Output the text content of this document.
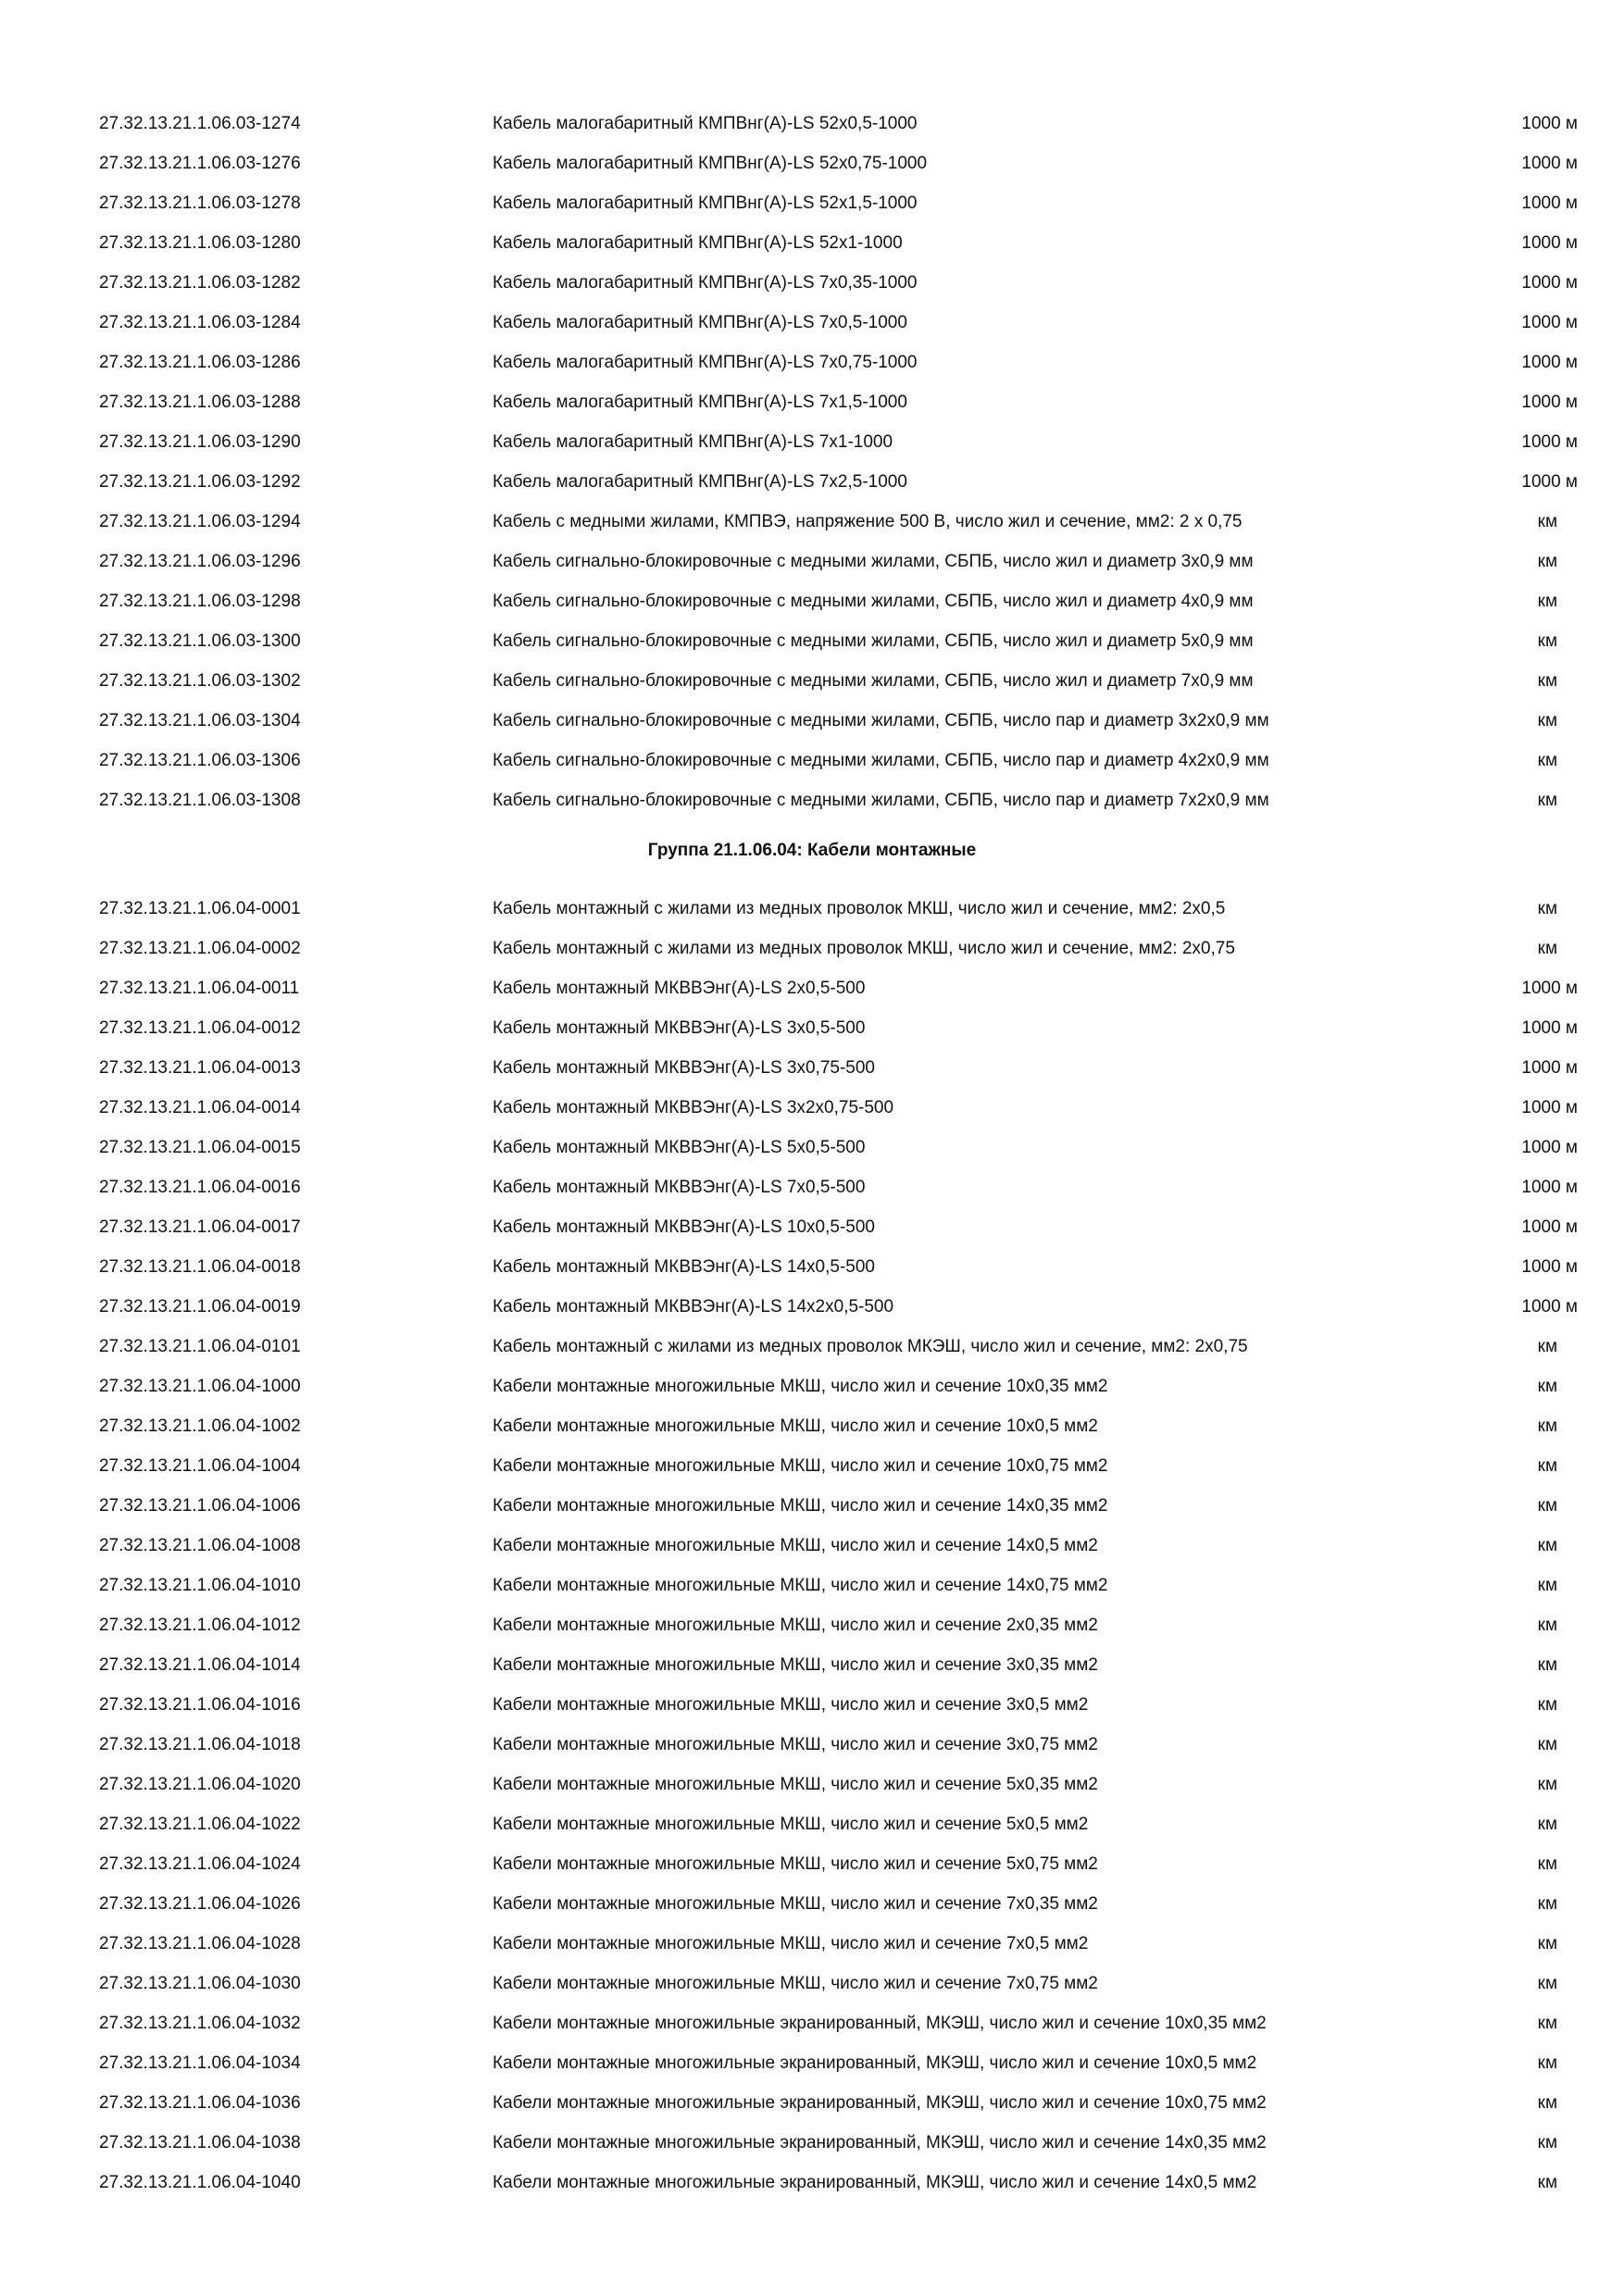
27.32.13.21.1.06.03-1274	Кабель малогабаритный КМПВнг(А)-LS 52х0,5-1000	1000 м
27.32.13.21.1.06.03-1276	Кабель малогабаритный КМПВнг(А)-LS 52х0,75-1000	1000 м
27.32.13.21.1.06.03-1278	Кабель малогабаритный КМПВнг(А)-LS 52х1,5-1000	1000 м
27.32.13.21.1.06.03-1280	Кабель малогабаритный КМПВнг(А)-LS 52х1-1000	1000 м
27.32.13.21.1.06.03-1282	Кабель малогабаритный КМПВнг(А)-LS 7х0,35-1000	1000 м
27.32.13.21.1.06.03-1284	Кабель малогабаритный КМПВнг(А)-LS 7х0,5-1000	1000 м
27.32.13.21.1.06.03-1286	Кабель малогабаритный КМПВнг(А)-LS 7х0,75-1000	1000 м
27.32.13.21.1.06.03-1288	Кабель малогабаритный КМПВнг(А)-LS 7х1,5-1000	1000 м
27.32.13.21.1.06.03-1290	Кабель малогабаритный КМПВнг(А)-LS 7х1-1000	1000 м
27.32.13.21.1.06.03-1292	Кабель малогабаритный КМПВнг(А)-LS 7х2,5-1000	1000 м
27.32.13.21.1.06.03-1294	Кабель с медными жилами, КМПВЭ, напряжение 500 В, число жил и сечение, мм2: 2 х 0,75	км
27.32.13.21.1.06.03-1296	Кабель сигнально-блокировочные с медными жилами, СБПБ, число жил и диаметр 3х0,9 мм	км
27.32.13.21.1.06.03-1298	Кабель сигнально-блокировочные с медными жилами, СБПБ, число жил и диаметр 4х0,9 мм	км
27.32.13.21.1.06.03-1300	Кабель сигнально-блокировочные с медными жилами, СБПБ, число жил и диаметр 5х0,9 мм	км
27.32.13.21.1.06.03-1302	Кабель сигнально-блокировочные с медными жилами, СБПБ, число жил и диаметр 7х0,9 мм	км
27.32.13.21.1.06.03-1304	Кабель сигнально-блокировочные с медными жилами, СБПБ, число пар и диаметр 3х2х0,9 мм	км
27.32.13.21.1.06.03-1306	Кабель сигнально-блокировочные с медными жилами, СБПБ, число пар и диаметр 4х2х0,9 мм	км
27.32.13.21.1.06.03-1308	Кабель сигнально-блокировочные с медными жилами, СБПБ, число пар и диаметр 7х2х0,9 мм	км
Группа 21.1.06.04: Кабели монтажные
27.32.13.21.1.06.04-0001	Кабель монтажный с жилами из медных проволок МКШ, число жил и сечение, мм2: 2х0,5	км
27.32.13.21.1.06.04-0002	Кабель монтажный с жилами из медных проволок МКШ, число жил и сечение, мм2: 2х0,75	км
27.32.13.21.1.06.04-0011	Кабель монтажный МКВВЭнг(А)-LS 2х0,5-500	1000 м
27.32.13.21.1.06.04-0012	Кабель монтажный МКВВЭнг(А)-LS 3х0,5-500	1000 м
27.32.13.21.1.06.04-0013	Кабель монтажный МКВВЭнг(А)-LS 3х0,75-500	1000 м
27.32.13.21.1.06.04-0014	Кабель монтажный МКВВЭнг(А)-LS 3х2х0,75-500	1000 м
27.32.13.21.1.06.04-0015	Кабель монтажный МКВВЭнг(А)-LS 5х0,5-500	1000 м
27.32.13.21.1.06.04-0016	Кабель монтажный МКВВЭнг(А)-LS 7х0,5-500	1000 м
27.32.13.21.1.06.04-0017	Кабель монтажный МКВВЭнг(А)-LS 10х0,5-500	1000 м
27.32.13.21.1.06.04-0018	Кабель монтажный МКВВЭнг(А)-LS 14х0,5-500	1000 м
27.32.13.21.1.06.04-0019	Кабель монтажный МКВВЭнг(А)-LS 14х2х0,5-500	1000 м
27.32.13.21.1.06.04-0101	Кабель монтажный с жилами из медных проволок МКЭШ, число жил и сечение, мм2: 2х0,75	км
27.32.13.21.1.06.04-1000	Кабели монтажные многожильные МКШ, число жил и сечение 10х0,35 мм2	км
27.32.13.21.1.06.04-1002	Кабели монтажные многожильные МКШ, число жил и сечение 10х0,5 мм2	км
27.32.13.21.1.06.04-1004	Кабели монтажные многожильные МКШ, число жил и сечение 10х0,75 мм2	км
27.32.13.21.1.06.04-1006	Кабели монтажные многожильные МКШ, число жил и сечение 14х0,35 мм2	км
27.32.13.21.1.06.04-1008	Кабели монтажные многожильные МКШ, число жил и сечение 14х0,5 мм2	км
27.32.13.21.1.06.04-1010	Кабели монтажные многожильные МКШ, число жил и сечение 14х0,75 мм2	км
27.32.13.21.1.06.04-1012	Кабели монтажные многожильные МКШ, число жил и сечение 2х0,35 мм2	км
27.32.13.21.1.06.04-1014	Кабели монтажные многожильные МКШ, число жил и сечение 3х0,35 мм2	км
27.32.13.21.1.06.04-1016	Кабели монтажные многожильные МКШ, число жил и сечение 3х0,5 мм2	км
27.32.13.21.1.06.04-1018	Кабели монтажные многожильные МКШ, число жил и сечение 3х0,75 мм2	км
27.32.13.21.1.06.04-1020	Кабели монтажные многожильные МКШ, число жил и сечение 5х0,35 мм2	км
27.32.13.21.1.06.04-1022	Кабели монтажные многожильные МКШ, число жил и сечение 5х0,5 мм2	км
27.32.13.21.1.06.04-1024	Кабели монтажные многожильные МКШ, число жил и сечение 5х0,75 мм2	км
27.32.13.21.1.06.04-1026	Кабели монтажные многожильные МКШ, число жил и сечение 7х0,35 мм2	км
27.32.13.21.1.06.04-1028	Кабели монтажные многожильные МКШ, число жил и сечение 7х0,5 мм2	км
27.32.13.21.1.06.04-1030	Кабели монтажные многожильные МКШ, число жил и сечение 7х0,75 мм2	км
27.32.13.21.1.06.04-1032	Кабели монтажные многожильные экранированный, МКЭШ, число жил и сечение 10х0,35 мм2	км
27.32.13.21.1.06.04-1034	Кабели монтажные многожильные экранированный, МКЭШ, число жил и сечение 10х0,5 мм2	км
27.32.13.21.1.06.04-1036	Кабели монтажные многожильные экранированный, МКЭШ, число жил и сечение 10х0,75 мм2	км
27.32.13.21.1.06.04-1038	Кабели монтажные многожильные экранированный, МКЭШ, число жил и сечение 14х0,35 мм2	км
27.32.13.21.1.06.04-1040	Кабели монтажные многожильные экранированный, МКЭШ, число жил и сечение 14х0,5 мм2	км
